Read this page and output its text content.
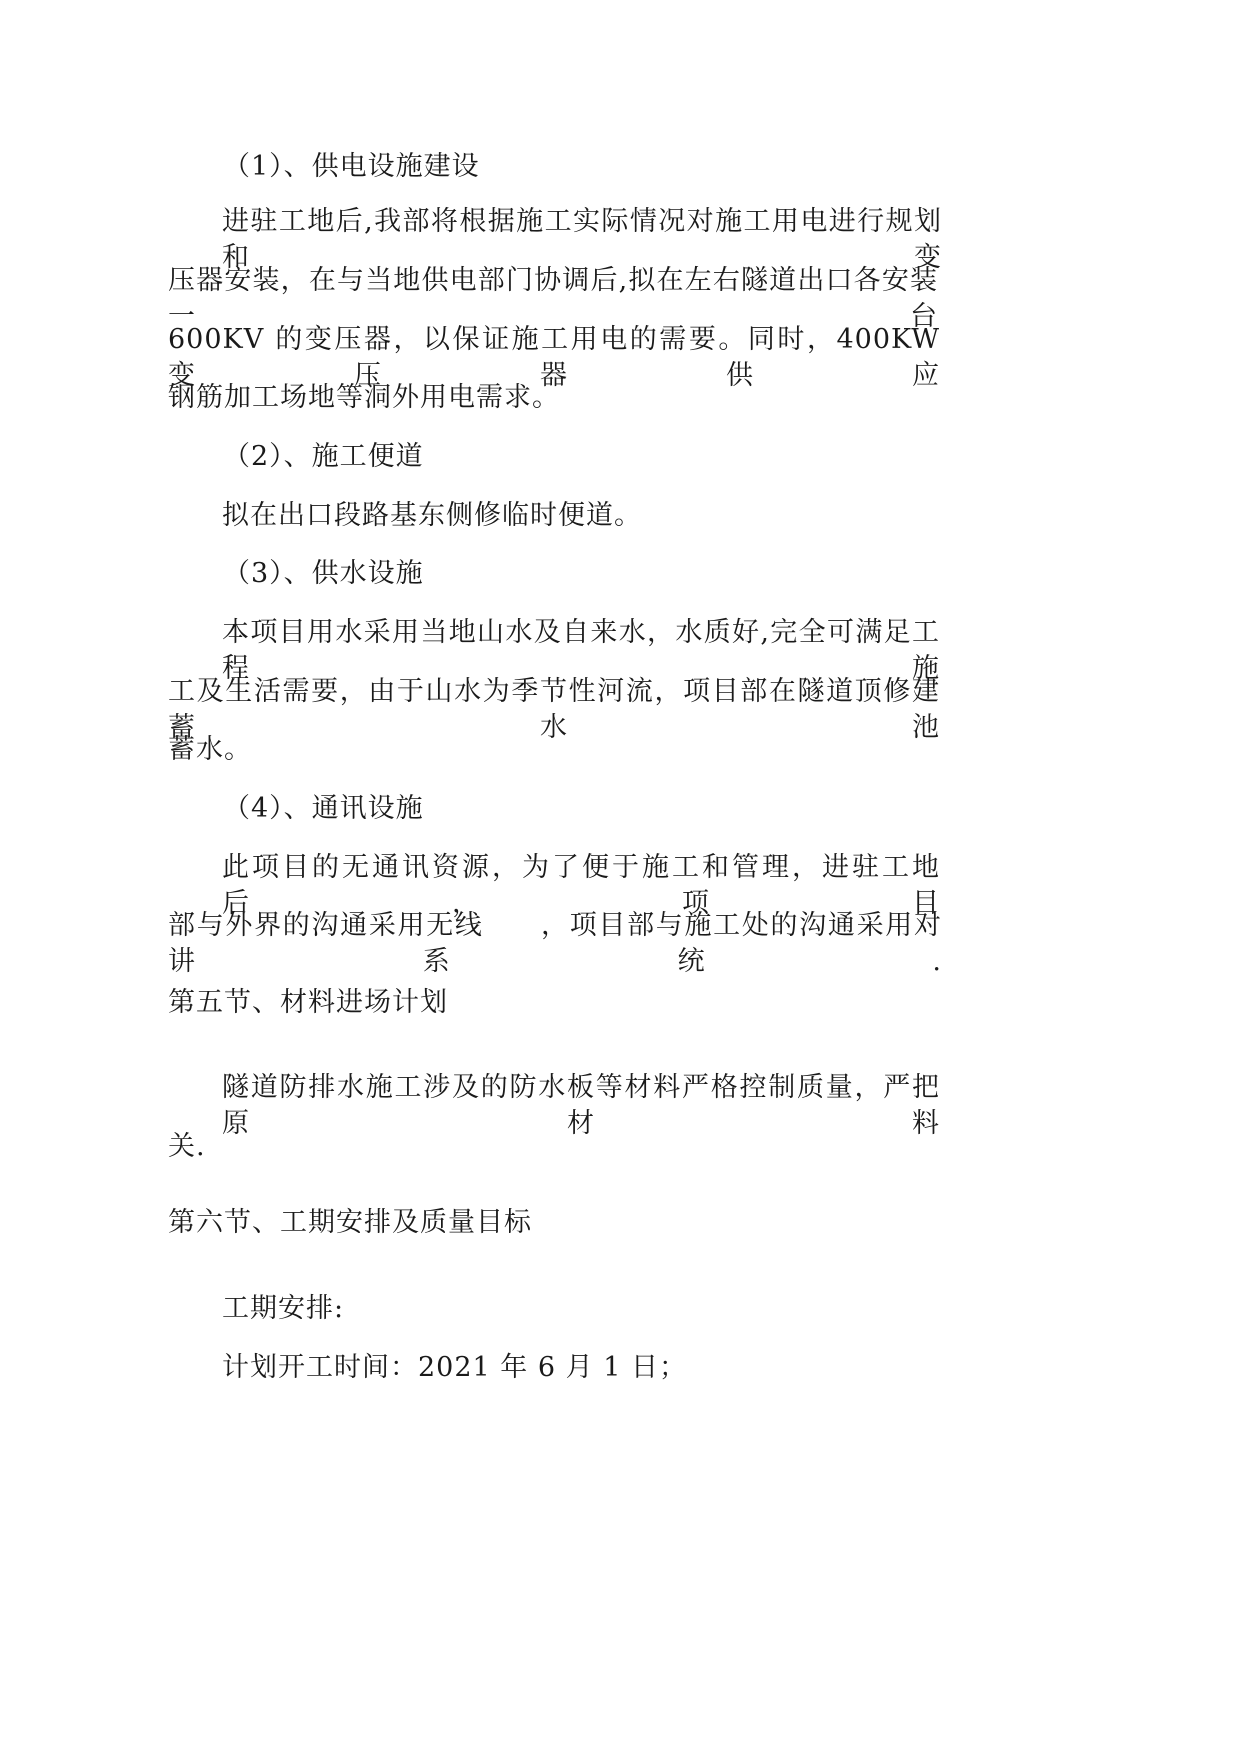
（1）、供电设施建设
进驻工地后,我部将根据施工实际情况对施工用电进行规划和变
压器安装，在与当地供电部门协调后,拟在左右隧道出口各安装一台
600KV 的变压器，以保证施工用电的需要。同时，400KW 变压器供应
钢筋加工场地等洞外用电需求。
（2）、施工便道
拟在出口段路基东侧修临时便道。
（3）、供水设施
本项目用水采用当地山水及自来水，水质好,完全可满足工程施
工及生活需要，由于山水为季节性河流，项目部在隧道顶修建蓄水池
蓄水。
（4）、通讯设施
此项目的无通讯资源，为了便于施工和管理，进驻工地后，项目
部与外界的沟通采用无线　　，项目部与施工处的沟通采用对讲系统.
第五节、材料进场计划
隧道防排水施工涉及的防水板等材料严格控制质量，严把原材料
关.
第六节、工期安排及质量目标
工期安排:
计划开工时间：2021 年 6 月 1 日；
